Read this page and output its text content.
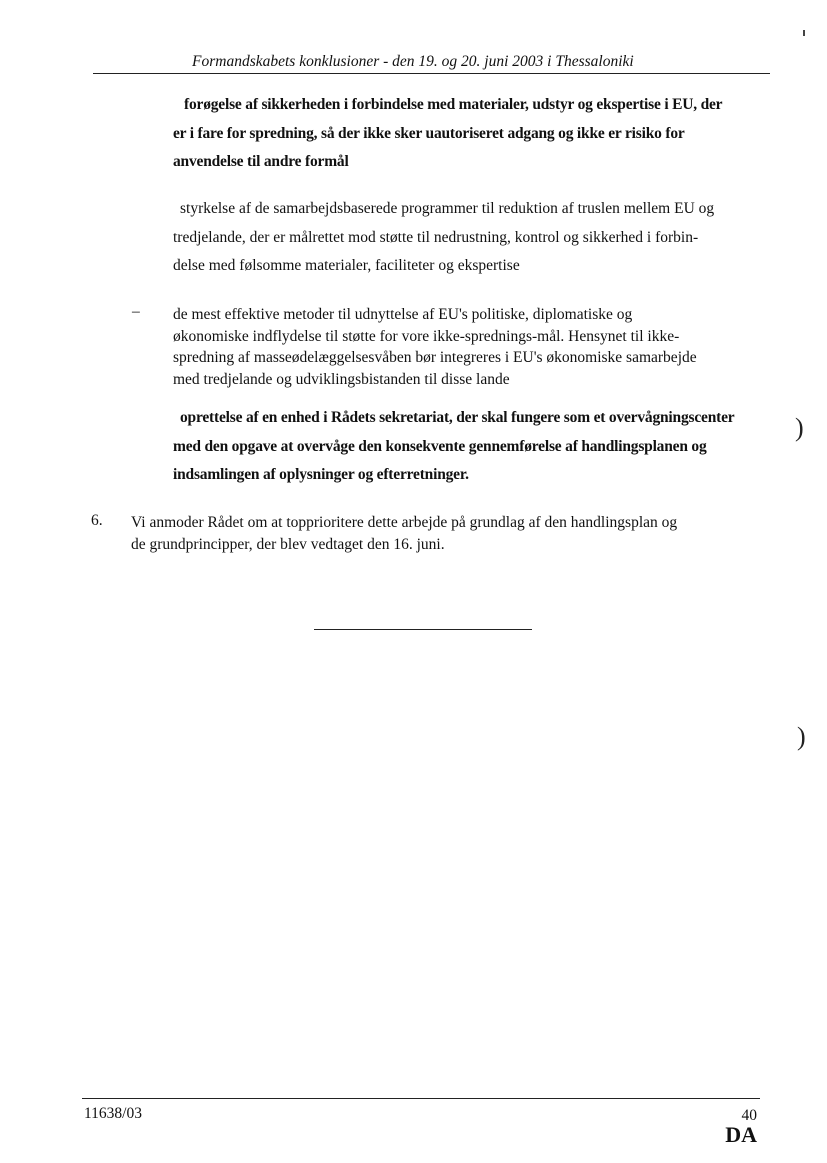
Formandskabets konklusioner - den 19. og 20. juni 2003 i Thessaloniki
forøgelse af sikkerheden i forbindelse med materialer, udstyr og ekspertise i EU, der
er i fare for spredning, så der ikke sker uautoriseret adgang og ikke er risiko for
anvendelse til andre formål
styrkelse af de samarbejdsbaserede programmer til reduktion af truslen mellem EU og
tredjelande, der er målrettet mod støtte til nedrustning, kontrol og sikkerhed i forbin-
delse med følsomme materialer, faciliteter og ekspertise
– de mest effektive metoder til udnyttelse af EU's politiske, diplomatiske og
økonomiske indflydelse til støtte for vore ikke-sprednings-mål. Hensynet til ikke-
spredning af masseødelæggelsesvåben bør integreres i EU's økonomiske samarbejde
med tredjelande og udviklingsbistanden til disse lande
oprettelse af en enhed i Rådets sekretariat, der skal fungere som et overvågningscenter
med den opgave at overvåge den konsekvente gennemførelse af handlingsplanen og
indsamlingen af oplysninger og efterretninger.
6. Vi anmoder Rådet om at topprioritere dette arbejde på grundlag af den handlingsplan og
de grundprincipper, der blev vedtaget den 16. juni.
11638/03	40
DA
)
)
